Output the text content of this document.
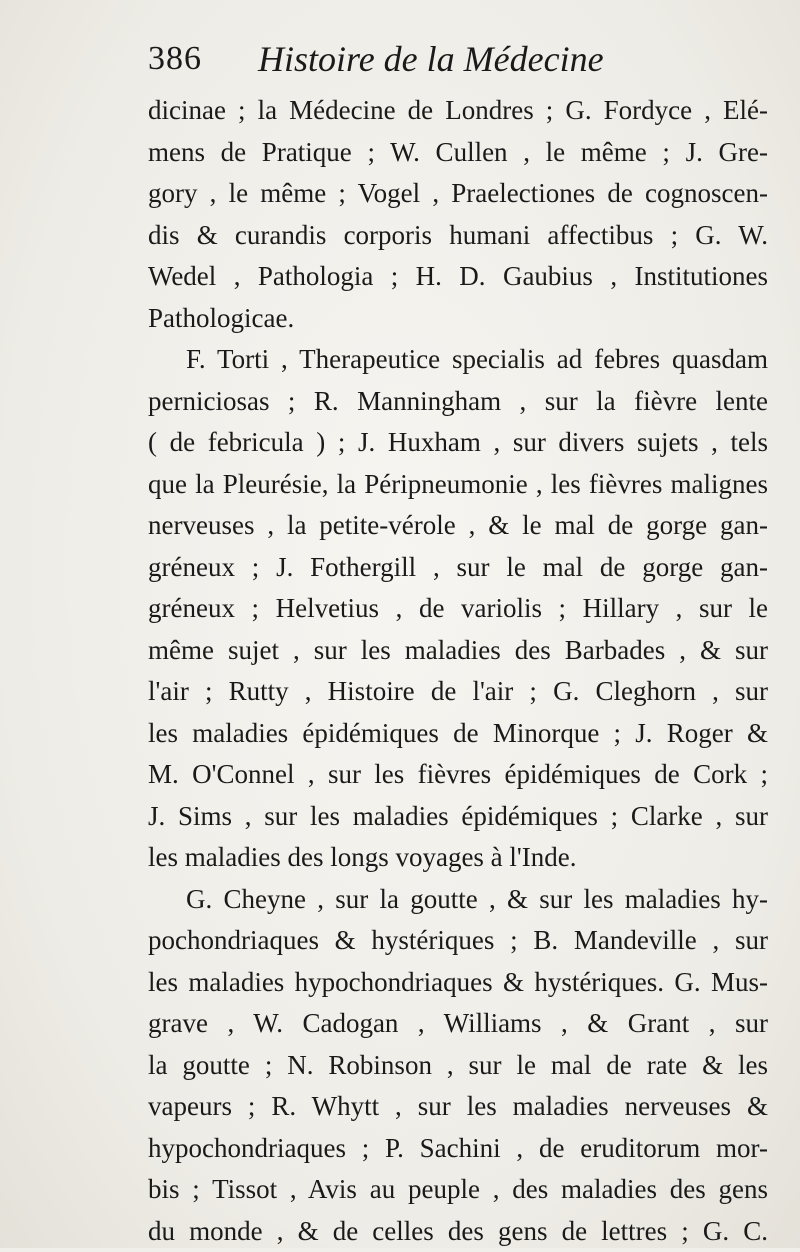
386 Histoire de la Médecine
dicinae ; la Médecine de Londres ; G. Fordyce , Elé-
mens de Pratique ; W. Cullen , le même ; J. Gre-
gory , le même ; Vogel , Praelectiones de cognoscen-
dis & curandis corporis humani affectibus ; G. W.
Wedel , Pathologia ; H. D. Gaubius , Institutiones
Pathologicae.
F. Torti , Therapeutice specialis ad febres quasdam
perniciosas ; R. Manningham , sur la fièvre lente
( de febricula ) ; J. Huxham , sur divers sujets , tels
que la Pleurésie, la Péripneumonie , les fièvres malignes
nerveuses , la petite-vérole , & le mal de gorge gan-
gréneux ; J. Fothergill , sur le mal de gorge gan-
gréneux ; Helvetius , de variolis ; Hillary , sur le
même sujet , sur les maladies des Barbades , & sur
l'air ; Rutty , Histoire de l'air ; G. Cleghorn , sur
les maladies épidémiques de Minorque ; J. Roger &
M. O'Connel , sur les fièvres épidémiques de Cork ;
J. Sims , sur les maladies épidémiques ; Clarke , sur
les maladies des longs voyages à l'Inde.
G. Cheyne , sur la goutte , & sur les maladies hy-
pochondriaques & hystériques ; B. Mandeville , sur
les maladies hypochondriaques & hystériques. G. Mus-
grave , W. Cadogan , Williams , & Grant , sur
la goutte ; N. Robinson , sur le mal de rate & les
vapeurs ; R. Whytt , sur les maladies nerveuses &
hypochondriaques ; P. Sachini , de eruditorum mor-
bis ; Tissot , Avis au peuple , des maladies des gens
du monde , & de celles des gens de lettres ; G. C.
